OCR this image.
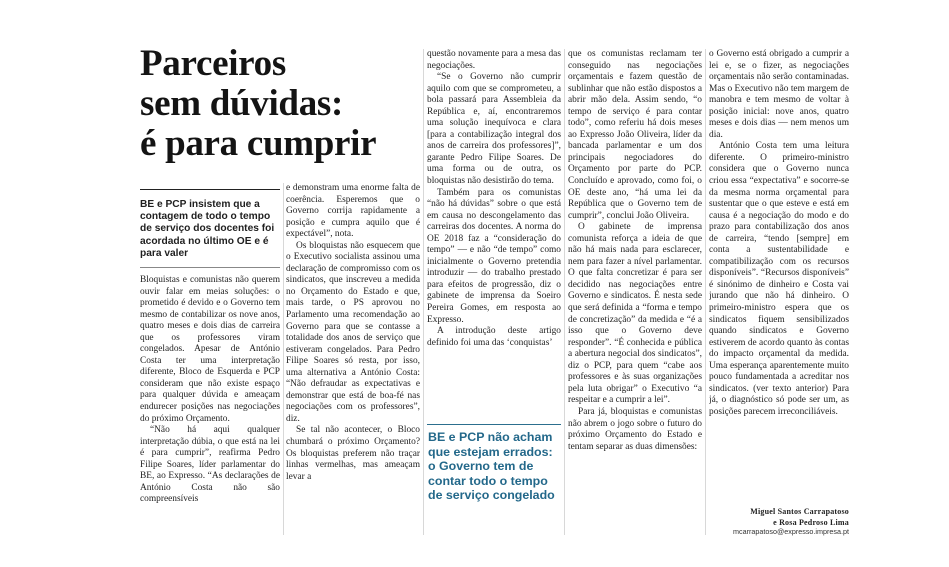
Parceiros
sem dúvidas:
é para cumprir

BE e PCP insistem que a contagem de todo o tempo de serviço dos docentes foi acordada no último OE e é para valer

Bloquistas e comunistas não querem ouvir falar em meias soluções: o prometido é devido e o Governo tem mesmo de contabilizar os nove anos, quatro meses e dois dias de carreira que os professores viram congelados. Apesar de António Costa ter uma interpretação diferente, Bloco de Esquerda e PCP consideram que não existe espaço para qualquer dúvida e ameaçam endurecer posições nas negociações do próximo Orçamento.

“Não há aqui qualquer interpretação dúbia, o que está na lei é para cumprir”, reafirma Pedro Filipe Soares, líder parlamentar do BE, ao Expresso. “As declarações de António Costa não são compreensíveis

e demonstram uma enorme falta de coerência. Esperemos que o Governo corrija rapidamente a posição e cumpra aquilo que é expectável”, nota.

Os bloquistas não esquecem que o Executivo socialista assinou uma declaração de compromisso com os sindicatos, que inscreveu a medida no Orçamento do Estado e que, mais tarde, o PS aprovou no Parlamento uma recomendação ao Governo para que se contasse a totalidade dos anos de serviço que estiveram congelados. Para Pedro Filipe Soares só resta, por isso, uma alternativa a António Costa: “Não defraudar as expectativas e demonstrar que está de boa-fé nas negociações com os professores”, diz.

Se tal não acontecer, o Bloco chumbará o próximo Orçamento? Os bloquistas preferem não traçar linhas vermelhas, mas ameaçam levar a

questão novamente para a mesa das negociações.

“Se o Governo não cumprir aquilo com que se comprometeu, a bola passará para Assembleia da República e, aí, encontraremos uma solução inequívoca e clara [para a contabilização integral dos anos de carreira dos professores]”, garante Pedro Filipe Soares. De uma forma ou de outra, os bloquistas não desistirão do tema.

Também para os comunistas “não há dúvidas” sobre o que está em causa no descongelamento das carreiras dos docentes. A norma do OE 2018 faz a “consideração do tempo” — e não “de tempo” como inicialmente o Governo pretendia introduzir — do trabalho prestado para efeitos de progressão, diz o gabinete de imprensa da Soeiro Pereira Gomes, em resposta ao Expresso.

A introdução deste artigo definido foi uma das ‘conquistas’

BE e PCP não acham que estejam errados: o Governo tem de contar todo o tempo de serviço congelado

que os comunistas reclamam ter conseguido nas negociações orçamentais e fazem questão de sublinhar que não estão dispostos a abrir mão dela. Assim sendo, “o tempo de serviço é para contar todo”, como referiu há dois meses ao Expresso João Oliveira, líder da bancada parlamentar e um dos principais negociadores do Orçamento por parte do PCP. Concluído e aprovado, como foi, o OE deste ano, “há uma lei da República que o Governo tem de cumprir”, conclui João Oliveira.

O gabinete de imprensa comunista reforça a ideia de que não há mais nada para esclarecer, nem para fazer a nível parlamentar. O que falta concretizar é para ser decidido nas negociações entre Governo e sindicatos. É nesta sede que será definida a “forma e tempo de concretização” da medida e “é a isso que o Governo deve responder”. “É conhecida e pública a abertura negocial dos sindicatos”, diz o PCP, para quem “cabe aos professores e às suas organizações pela luta obrigar” o Executivo “a respeitar e a cumprir a lei”.

Para já, bloquistas e comunistas não abrem o jogo sobre o futuro do próximo Orçamento do Estado e tentam separar as duas dimensões:

o Governo está obrigado a cumprir a lei e, se o fizer, as negociações orçamentais não serão contaminadas. Mas o Executivo não tem margem de manobra e tem mesmo de voltar à posição inicial: nove anos, quatro meses e dois dias — nem menos um dia.

António Costa tem uma leitura diferente. O primeiro-ministro considera que o Governo nunca criou essa “expectativa” e socorre-se da mesma norma orçamental para sustentar que o que esteve e está em causa é a negociação do modo e do prazo para contabilização dos anos de carreira, “tendo [sempre] em conta a sustentabilidade e compatibilização com os recursos disponíveis”. “Recursos disponíveis” é sinónimo de dinheiro e Costa vai jurando que não há dinheiro. O primeiro-ministro espera que os sindicatos fiquem sensibilizados quando sindicatos e Governo estiverem de acordo quanto às contas do impacto orçamental da medida. Uma esperança aparentemente muito pouco fundamentada a acreditar nos sindicatos. (ver texto anterior) Para já, o diagnóstico só pode ser um, as posições parecem irreconciliáveis.

Miguel Santos Carrapatoso
e Rosa Pedroso Lima
mcarrapatoso@expresso.impresa.pt
